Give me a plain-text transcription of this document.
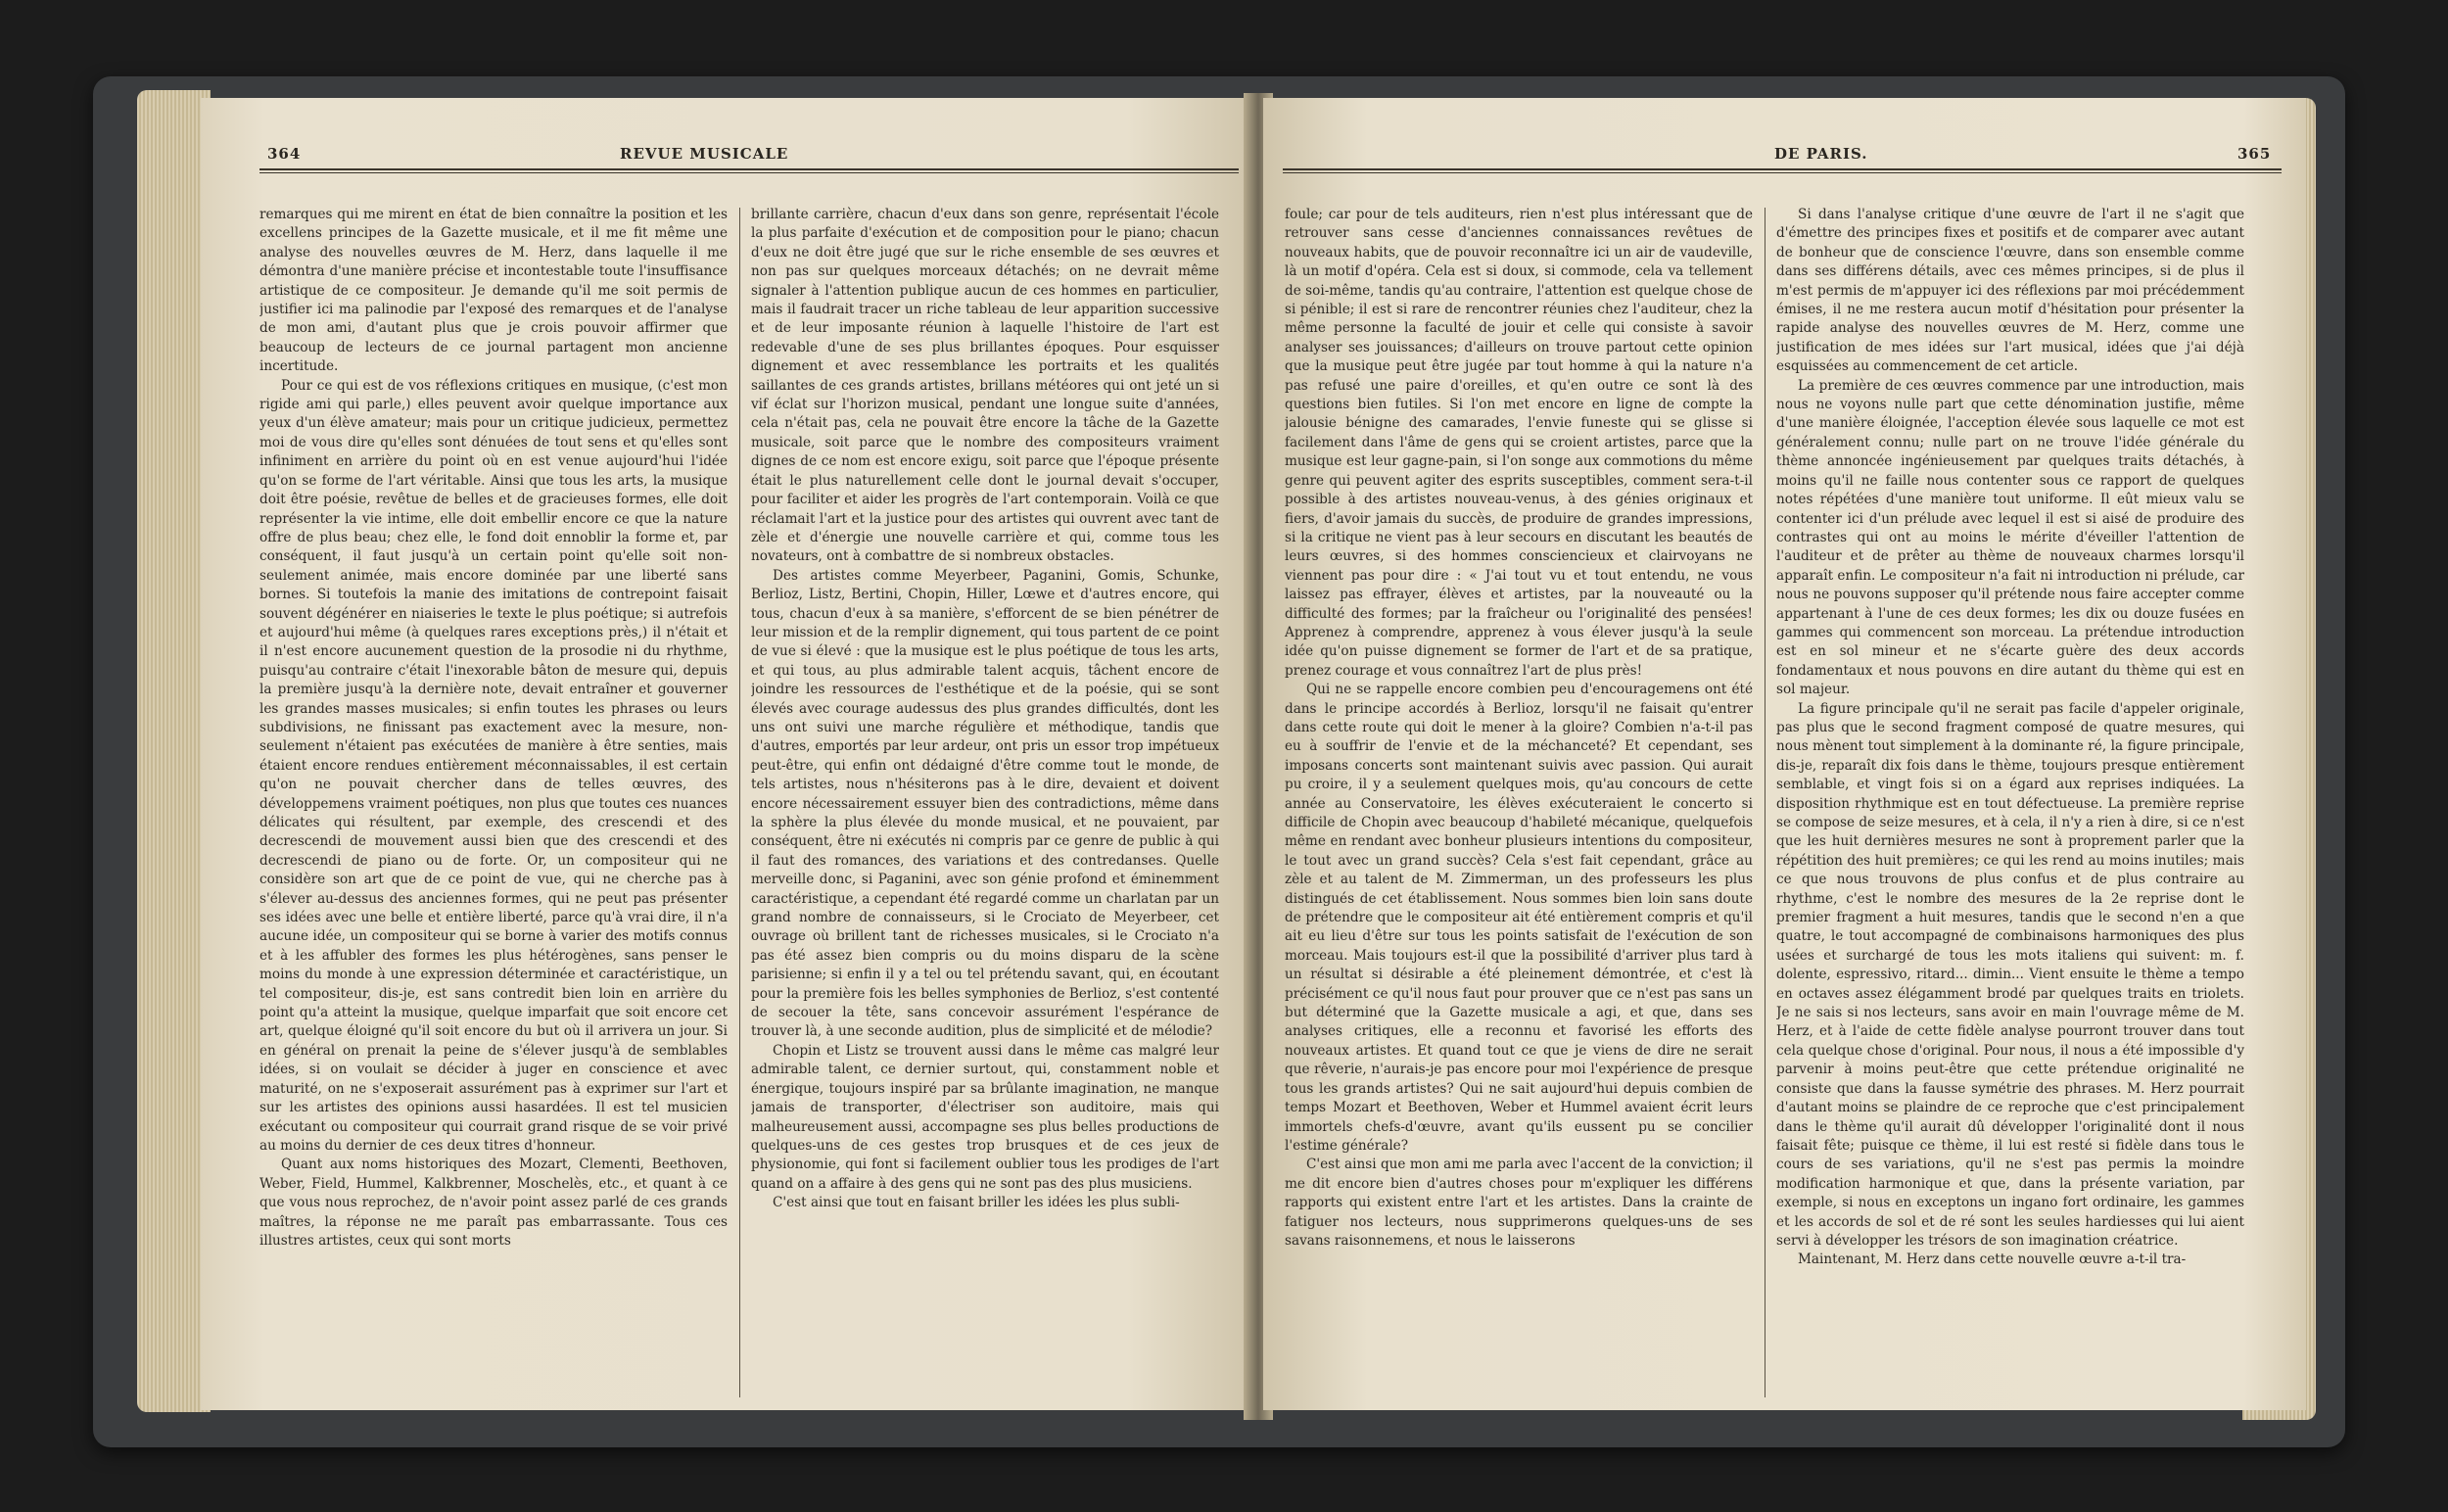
364	REVUE MUSICALE

remarques qui me mirent en état de bien connaître la position et les excellens principes de la Gazette musicale, et il me fit même une analyse des nouvelles œuvres de M. Herz, dans laquelle il me démontra d'une manière précise et incontestable toute l'insuffisance artistique de ce compositeur. Je demande qu'il me soit permis de justifier ici ma palinodie par l'exposé des remarques et de l'analyse de mon ami, d'autant plus que je crois pouvoir affirmer que beaucoup de lecteurs de ce journal partagent mon ancienne incertitude.

Pour ce qui est de vos réflexions critiques en musique, (c'est mon rigide ami qui parle,) elles peuvent avoir quelque importance aux yeux d'un élève amateur; mais pour un critique judicieux, permettez moi de vous dire qu'elles sont dénuées de tout sens et qu'elles sont infiniment en arrière du point où en est venue aujourd'hui l'idée qu'on se forme de l'art véritable. Ainsi que tous les arts, la musique doit être poésie, revêtue de belles et de gracieuses formes, elle doit représenter la vie intime, elle doit embellir encore ce que la nature offre de plus beau; chez elle, le fond doit ennoblir la forme et, par conséquent, il faut jusqu'à un certain point qu'elle soit non-seulement animée, mais encore dominée par une liberté sans bornes. Si toutefois la manie des imitations de contrepoint faisait souvent dégénérer en niaiseries le texte le plus poétique; si autrefois et aujourd'hui même (à quelques rares exceptions près,) il n'était et il n'est encore aucunement question de la prosodie ni du rhythme, puisqu'au contraire c'était l'inexorable bâton de mesure qui, depuis la première jusqu'à la dernière note, devait entraîner et gouverner les grandes masses musicales; si enfin toutes les phrases ou leurs subdivisions, ne finissant pas exactement avec la mesure, non-seulement n'étaient pas exécutées de manière à être senties, mais étaient encore rendues entièrement méconnaissables, il est certain qu'on ne pouvait chercher dans de telles œuvres, des développemens vraiment poétiques, non plus que toutes ces nuances délicates qui résultent, par exemple, des crescendi et des decrescendi de mouvement aussi bien que des crescendi et des decrescendi de piano ou de forte. Or, un compositeur qui ne considère son art que de ce point de vue, qui ne cherche pas à s'élever au-dessus des anciennes formes, qui ne peut pas présenter ses idées avec une belle et entière liberté, parce qu'à vrai dire, il n'a aucune idée, un compositeur qui se borne à varier des motifs connus et à les affubler des formes les plus hétérogènes, sans penser le moins du monde à une expression déterminée et caractéristique, un tel compositeur, dis-je, est sans contredit bien loin en arrière du point qu'a atteint la musique, quelque imparfait que soit encore cet art, quelque éloigné qu'il soit encore du but où il arrivera un jour. Si en général on prenait la peine de s'élever jusqu'à de semblables idées, si on voulait se décider à juger en conscience et avec maturité, on ne s'exposerait assurément pas à exprimer sur l'art et sur les artistes des opinions aussi hasardées. Il est tel musicien exécutant ou compositeur qui courrait grand risque de se voir privé au moins du dernier de ces deux titres d'honneur.

Quant aux noms historiques des Mozart, Clementi, Beethoven, Weber, Field, Hummel, Kalkbrenner, Moschelès, etc., et quant à ce que vous nous reprochez, de n'avoir point assez parlé de ces grands maîtres, la réponse ne me paraît pas embarrassante. Tous ces illustres artistes, ceux qui sont morts

brillante carrière, chacun d'eux dans son genre, représentait l'école la plus parfaite d'exécution et de composition pour le piano; chacun d'eux ne doit être jugé que sur le riche ensemble de ses œuvres et non pas sur quelques morceaux détachés; on ne devrait même signaler à l'attention publique aucun de ces hommes en particulier, mais il faudrait tracer un riche tableau de leur apparition successive et de leur imposante réunion à laquelle l'histoire de l'art est redevable d'une de ses plus brillantes époques. Pour esquisser dignement et avec ressemblance les portraits et les qualités saillantes de ces grands artistes, brillans météores qui ont jeté un si vif éclat sur l'horizon musical, pendant une longue suite d'années, cela n'était pas, cela ne pouvait être encore la tâche de la Gazette musicale, soit parce que le nombre des compositeurs vraiment dignes de ce nom est encore exigu, soit parce que l'époque présente était le plus naturellement celle dont le journal devait s'occuper, pour faciliter et aider les progrès de l'art contemporain. Voilà ce que réclamait l'art et la justice pour des artistes qui ouvrent avec tant de zèle et d'énergie une nouvelle carrière et qui, comme tous les novateurs, ont à combattre de si nombreux obstacles.

Des artistes comme Meyerbeer, Paganini, Gomis, Schunke, Berlioz, Listz, Bertini, Chopin, Hiller, Lœwe et d'autres encore, qui tous, chacun d'eux à sa manière, s'efforcent de se bien pénétrer de leur mission et de la remplir dignement, qui tous partent de ce point de vue si élevé : que la musique est le plus poétique de tous les arts, et qui tous, au plus admirable talent acquis, tâchent encore de joindre les ressources de l'esthétique et de la poésie, qui se sont élevés avec courage audessus des plus grandes difficultés, dont les uns ont suivi une marche régulière et méthodique, tandis que d'autres, emportés par leur ardeur, ont pris un essor trop impétueux peut-être, qui enfin ont dédaigné d'être comme tout le monde, de tels artistes, nous n'hésiterons pas à le dire, devaient et doivent encore nécessairement essuyer bien des contradictions, même dans la sphère la plus élevée du monde musical, et ne pouvaient, par conséquent, être ni exécutés ni compris par ce genre de public à qui il faut des romances, des variations et des contredanses. Quelle merveille donc, si Paganini, avec son génie profond et éminemment caractéristique, a cependant été regardé comme un charlatan par un grand nombre de connaisseurs, si le Crociato de Meyerbeer, cet ouvrage où brillent tant de richesses musicales, si le Crociato n'a pas été assez bien compris ou du moins disparu de la scène parisienne; si enfin il y a tel ou tel prétendu savant, qui, en écoutant pour la première fois les belles symphonies de Berlioz, s'est contenté de secouer la tête, sans concevoir assurément l'espérance de trouver là, à une seconde audition, plus de simplicité et de mélodie?

Chopin et Listz se trouvent aussi dans le même cas malgré leur admirable talent, ce dernier surtout, qui, constamment noble et énergique, toujours inspiré par sa brûlante imagination, ne manque jamais de transporter, d'électriser son auditoire, mais qui malheureusement aussi, accompagne ses plus belles productions de quelques-uns de ces gestes trop brusques et de ces jeux de physionomie, qui font si facilement oublier tous les prodiges de l'art quand on a affaire à des gens qui ne sont pas des plus musiciens.

C'est ainsi que tout en faisant briller les idées les plus subli-

DE PARIS.	365

foule; car pour de tels auditeurs, rien n'est plus intéressant que de retrouver sans cesse d'anciennes connaissances revêtues de nouveaux habits, que de pouvoir reconnaître ici un air de vaudeville, là un motif d'opéra. Cela est si doux, si commode, cela va tellement de soi-même, tandis qu'au contraire, l'attention est quelque chose de si pénible; il est si rare de rencontrer réunies chez l'auditeur, chez la même personne la faculté de jouir et celle qui consiste à savoir analyser ses jouissances; d'ailleurs on trouve partout cette opinion que la musique peut être jugée par tout homme à qui la nature n'a pas refusé une paire d'oreilles, et qu'en outre ce sont là des questions bien futiles. Si l'on met encore en ligne de compte la jalousie bénigne des camarades, l'envie funeste qui se glisse si facilement dans l'âme de gens qui se croient artistes, parce que la musique est leur gagne-pain, si l'on songe aux commotions du même genre qui peuvent agiter des esprits susceptibles, comment sera-t-il possible à des artistes nouveau-venus, à des génies originaux et fiers, d'avoir jamais du succès, de produire de grandes impressions, si la critique ne vient pas à leur secours en discutant les beautés de leurs œuvres, si des hommes consciencieux et clairvoyans ne viennent pas pour dire : « J'ai tout vu et tout entendu, ne vous laissez pas effrayer, élèves et artistes, par la nouveauté ou la difficulté des formes; par la fraîcheur ou l'originalité des pensées! Apprenez à comprendre, apprenez à vous élever jusqu'à la seule idée qu'on puisse dignement se former de l'art et de sa pratique, prenez courage et vous connaîtrez l'art de plus près!

Qui ne se rappelle encore combien peu d'encouragemens ont été dans le principe accordés à Berlioz, lorsqu'il ne faisait qu'entrer dans cette route qui doit le mener à la gloire? Combien n'a-t-il pas eu à souffrir de l'envie et de la méchanceté? Et cependant, ses imposans concerts sont maintenant suivis avec passion. Qui aurait pu croire, il y a seulement quelques mois, qu'au concours de cette année au Conservatoire, les élèves exécuteraient le concerto si difficile de Chopin avec beaucoup d'habileté mécanique, quelquefois même en rendant avec bonheur plusieurs intentions du compositeur, le tout avec un grand succès? Cela s'est fait cependant, grâce au zèle et au talent de M. Zimmerman, un des professeurs les plus distingués de cet établissement. Nous sommes bien loin sans doute de prétendre que le compositeur ait été entièrement compris et qu'il ait eu lieu d'être sur tous les points satisfait de l'exécution de son morceau. Mais toujours est-il que la possibilité d'arriver plus tard à un résultat si désirable a été pleinement démontrée, et c'est là précisément ce qu'il nous faut pour prouver que ce n'est pas sans un but déterminé que la Gazette musicale a agi, et que, dans ses analyses critiques, elle a reconnu et favorisé les efforts des nouveaux artistes. Et quand tout ce que je viens de dire ne serait que rêverie, n'aurais-je pas encore pour moi l'expérience de presque tous les grands artistes? Qui ne sait aujourd'hui depuis combien de temps Mozart et Beethoven, Weber et Hummel avaient écrit leurs immortels chefs-d'œuvre, avant qu'ils eussent pu se concilier l'estime générale?

C'est ainsi que mon ami me parla avec l'accent de la conviction; il me dit encore bien d'autres choses pour m'expliquer les différens rapports qui existent entre l'art et les artistes. Dans la crainte de fatiguer nos lecteurs, nous supprimerons quelques-uns de ses savans raisonnemens, et nous le laisserons

Si dans l'analyse critique d'une œuvre de l'art il ne s'agit que d'émettre des principes fixes et positifs et de comparer avec autant de bonheur que de conscience l'œuvre, dans son ensemble comme dans ses différens détails, avec ces mêmes principes, si de plus il m'est permis de m'appuyer ici des réflexions par moi précédemment émises, il ne me restera aucun motif d'hésitation pour présenter la rapide analyse des nouvelles œuvres de M. Herz, comme une justification de mes idées sur l'art musical, idées que j'ai déjà esquissées au commencement de cet article.

La première de ces œuvres commence par une introduction, mais nous ne voyons nulle part que cette dénomination justifie, même d'une manière éloignée, l'acception élevée sous laquelle ce mot est généralement connu; nulle part on ne trouve l'idée générale du thème annoncée ingénieusement par quelques traits détachés, à moins qu'il ne faille nous contenter sous ce rapport de quelques notes répétées d'une manière tout uniforme. Il eût mieux valu se contenter ici d'un prélude avec lequel il est si aisé de produire des contrastes qui ont au moins le mérite d'éveiller l'attention de l'auditeur et de prêter au thème de nouveaux charmes lorsqu'il apparaît enfin. Le compositeur n'a fait ni introduction ni prélude, car nous ne pouvons supposer qu'il prétende nous faire accepter comme appartenant à l'une de ces deux formes; les dix ou douze fusées en gammes qui commencent son morceau. La prétendue introduction est en sol mineur et ne s'écarte guère des deux accords fondamentaux et nous pouvons en dire autant du thème qui est en sol majeur.

La figure principale qu'il ne serait pas facile d'appeler originale, pas plus que le second fragment composé de quatre mesures, qui nous mènent tout simplement à la dominante ré, la figure principale, dis-je, reparaît dix fois dans le thème, toujours presque entièrement semblable, et vingt fois si on a égard aux reprises indiquées. La disposition rhythmique est en tout défectueuse. La première reprise se compose de seize mesures, et à cela, il n'y a rien à dire, si ce n'est que les huit dernières mesures ne sont à proprement parler que la répétition des huit premières; ce qui les rend au moins inutiles; mais ce que nous trouvons de plus confus et de plus contraire au rhythme, c'est le nombre des mesures de la 2e reprise dont le premier fragment a huit mesures, tandis que le second n'en a que quatre, le tout accompagné de combinaisons harmoniques des plus usées et surchargé de tous les mots italiens qui suivent: m. f. dolente, espressivo, ritard... dimin... Vient ensuite le thème a tempo en octaves assez élégamment brodé par quelques traits en triolets. Je ne sais si nos lecteurs, sans avoir en main l'ouvrage même de M. Herz, et à l'aide de cette fidèle analyse pourront trouver dans tout cela quelque chose d'original. Pour nous, il nous a été impossible d'y parvenir à moins peut-être que cette prétendue originalité ne consiste que dans la fausse symétrie des phrases. M. Herz pourrait d'autant moins se plaindre de ce reproche que c'est principalement dans le thème qu'il aurait dû développer l'originalité dont il nous faisait fête; puisque ce thème, il lui est resté si fidèle dans tous le cours de ses variations, qu'il ne s'est pas permis la moindre modification harmonique et que, dans la présente variation, par exemple, si nous en exceptons un ingano fort ordinaire, les gammes et les accords de sol et de ré sont les seules hardiesses qui lui aient servi à développer les trésors de son imagination créatrice.

Maintenant, M. Herz dans cette nouvelle œuvre a-t-il tra-
